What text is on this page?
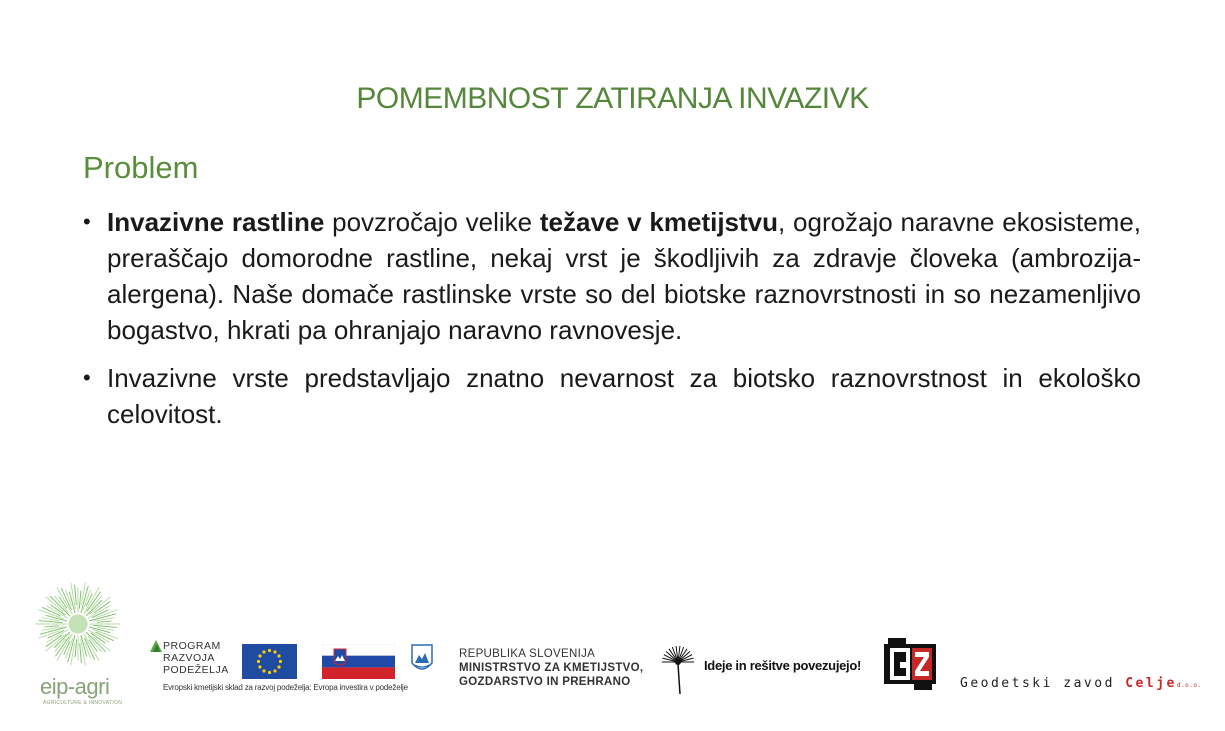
POMEMBNOST ZATIRANJA INVAZIVK
Problem
• Invazivne rastline povzročajo velike težave v kmetijstvu, ogrožajo naravne ekosisteme, preraščajo domorodne rastline, nekaj vrst je škodljivih za zdravje človeka (ambrozija-alergena). Naše domače rastlinske vrste so del biotske raznovrstnosti in so nezamenljivo bogastvo, hkrati pa ohranjajo naravno ravnovesje.
• Invazivne vrste predstavljajo znatno nevarnost za biotsko raznovrstnost in ekološko celovitost.
eip-agri
AGRICULTURE & INNOVATION
PROGRAM
RAZVOJA
PODEŽELJA
Evropski kmetijski sklad za razvoj podeželja: Evropa investira v podeželje
REPUBLIKA SLOVENIJA
MINISTRSTVO ZA KMETIJSTVO,
GOZDARSTVO IN PREHRANO
Ideje in rešitve povezujejo!
Geodetski zavod Celjed.o.o.
